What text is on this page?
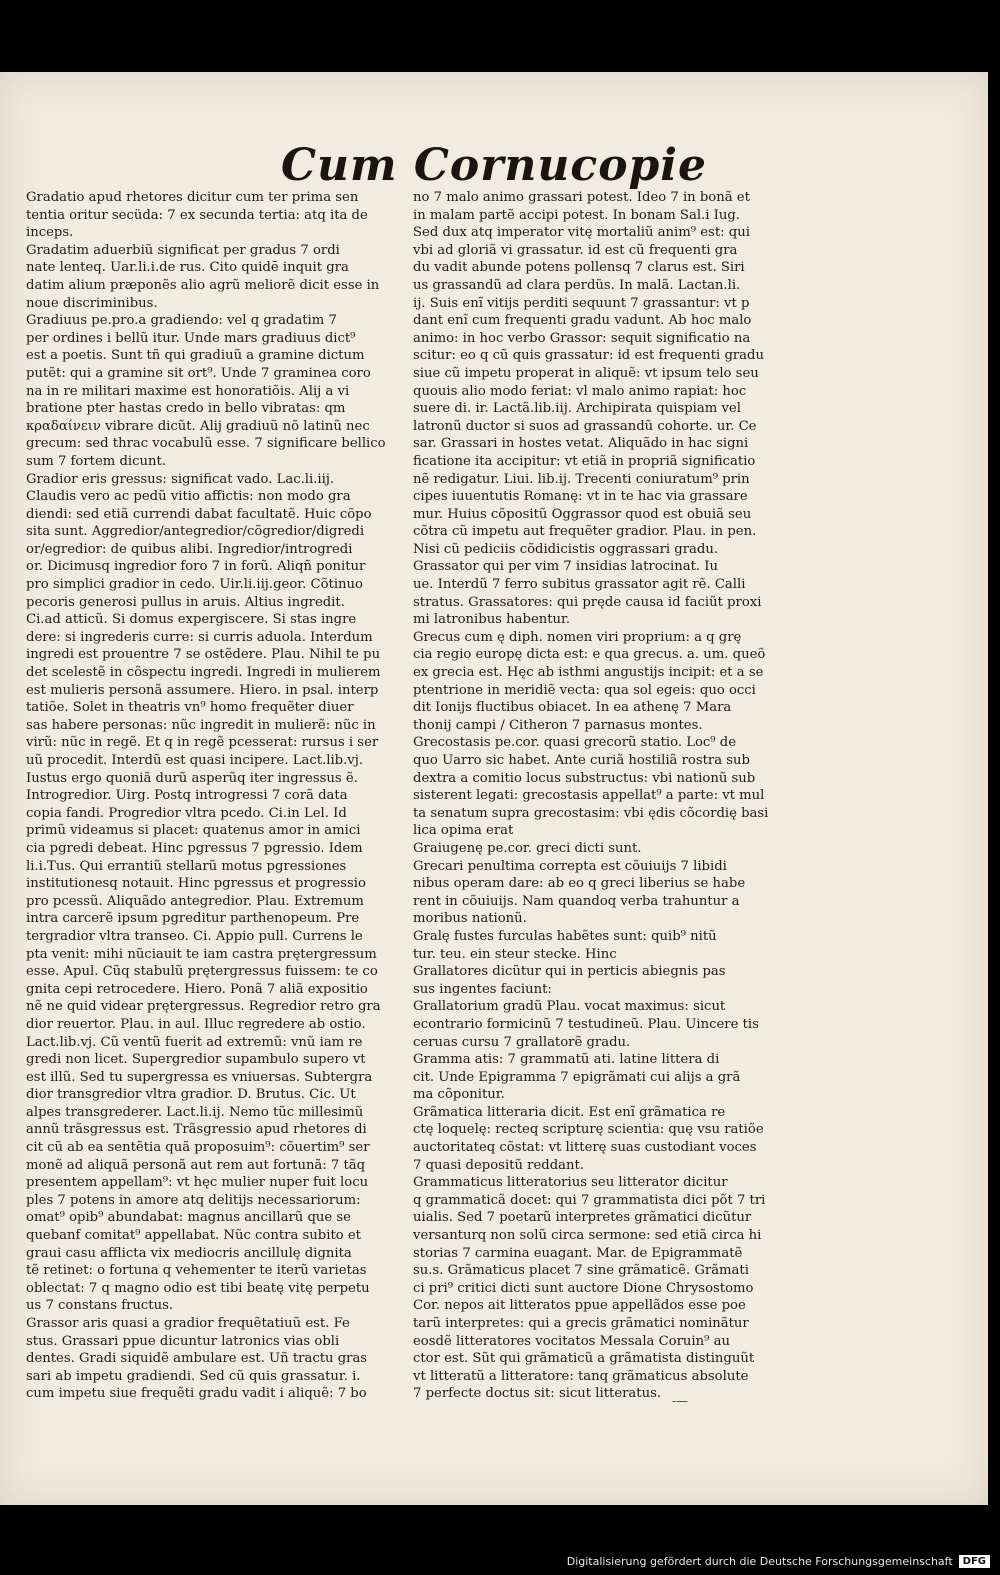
Cum Cornucopie
Gradatio apud rhetores dicitur cum ter prima sen
tentia oritur secüda: 7 ex secunda tertia: atq ita de
inceps.
Gradatim aduerbiũ significat per gradus 7 ordi
nate lenteq. Uar.li.i.de rus. Cito quidē inquit gra
datim alium præponẽs alio agrũ meliorẽ dicit esse in
noue discriminibus.
Gradiuus pe.pro.a gradiendo: vel q gradatim 7
per ordines i bellũ itur. Unde mars gradiuus dict⁹
est a poetis. Sunt tñ qui gradiuũ a gramine dictum
putẽt: qui a gramine sit ort⁹. Unde 7 graminea coro
na in re militari maxime est honoratiõis. Alij a vi
bratione pter hastas credo in bello vibratas: qm
κραδαίνειν vibrare dicũt. Alij gradiuũ nõ latinũ nec
grecum: sed thrac vocabulũ esse. 7 significare bellico
sum 7 fortem dicunt.
Gradior eris gressus: significat vado. Lac.li.iij.
Claudis vero ac pedũ vitio affictis: non modo gra
diendi: sed etiã currendi dabat facultatẽ. Huic cõpo
sita sunt. Aggredior/antegredior/cõgredior/digredi
or/egredior: de quibus alibi. Ingredior/introgredi
or. Dicimusq ingredior foro 7 in forũ. Aliqñ ponitur
pro simplici gradior in cedo. Uir.li.iij.geor. Cõtinuo
pecoris generosi pullus in aruis. Altius ingredit.
Ci.ad atticũ. Si domus expergiscere. Si stas ingre
dere: si ingrederis curre: si curris aduola. Interdum
ingredi est prouentre 7 se ostẽdere. Plau. Nihil te pu
det scelestẽ in cõspectu ingredi. Ingredi in mulierem
est mulieris personã assumere. Hiero. in psal. interp
tatiõe. Solet in theatris vn⁹ homo frequẽter diuer
sas habere personas: nũc ingredit in mulierẽ: nũc in
virũ: nũc in regẽ. Et q in regẽ pcesserat: rursus i ser
uũ procedit. Interdũ est quasi incipere. Lact.lib.vj.
Iustus ergo quoniã durũ asperũq iter ingressus ẽ.
Introgredior. Uirg. Postq introgressi 7 corã data
copia fandi. Progredior vltra pcedo. Ci.in Lel. Id
primũ videamus si placet: quatenus amor in amici
cia pgredi debeat. Hinc pgressus 7 pgressio. Idem
li.i.Tus. Qui errantiũ stellarũ motus pgressiones
institutionesq notauit. Hinc pgressus et progressio
pro pcessũ. Aliquãdo antegredior. Plau. Extremum
intra carcerẽ ipsum pgreditur parthenopeum. Pre
tergradior vltra transeo. Ci. Appio pull. Currens le
pta venit: mihi nũciauit te iam castra prętergressum
esse. Apul. Cũq stabulũ prętergressus fuissem: te co
gnita cepi retrocedere. Hiero. Ponã 7 aliã expositio
nẽ ne quid videar prętergressus. Regredior retro gra
dior reuertor. Plau. in aul. Illuc regredere ab ostio.
Lact.lib.vj. Cũ ventũ fuerit ad extremũ: vnũ iam re
gredi non licet. Supergredior supambulo supero vt
est illũ. Sed tu supergressa es vniuersas. Subtergra
dior transgredior vltra gradior. D. Brutus. Cic. Ut
alpes transgrederer. Lact.li.ij. Nemo tũc millesimũ
annũ trãsgressus est. Trãsgressio apud rhetores di
cit cũ ab ea sentẽtia quã proposuim⁹: cõuertim⁹ ser
monẽ ad aliquã personã aut rem aut fortunã: 7 tãq
presentem appellam⁹: vt hęc mulier nuper fuit locu
ples 7 potens in amore atq delitijs necessariorum:
omat⁹ opib⁹ abundabat: magnus ancillarũ que se
quebanf comitat⁹ appellabat. Nũc contra subito et
graui casu afflicta vix mediocris ancillulę dignita
tẽ retinet: o fortuna q vehementer te iterũ varietas
oblectat: 7 q magno odio est tibi beatę vitę perpetu
us 7 constans fructus.
Grassor aris quasi a gradior frequẽtatiuũ est. Fe
stus. Grassari ppue dicuntur latronics vias obli
dentes. Gradi siquidẽ ambulare est. Uñ tractu gras
sari ab impetu gradiendi. Sed cũ quis grassatur. i.
cum impetu siue frequẽti gradu vadit i aliquẽ: 7 bo
no 7 malo animo grassari potest. Ideo 7 in bonã et
in malam partẽ accipi potest. In bonam Sal.i Iug.
Sed dux atq imperator vitę mortaliũ anim⁹ est: qui
vbi ad gloriã vi grassatur. id est cũ frequenti gra
du vadit abunde potens pollensq 7 clarus est. Siri
us grassandũ ad clara perdũs. In malã. Lactan.li.
ij. Suis enĩ vitijs perditi sequunt 7 grassantur: vt p
dant enĩ cum frequenti gradu vadunt. Ab hoc malo
animo: in hoc verbo Grassor: sequit significatio na
scitur: eo q cũ quis grassatur: id est frequenti gradu
siue cũ impetu properat in aliquẽ: vt ipsum telo seu
quouis alio modo feriat: vl malo animo rapiat: hoc
suere di. ir. Lactã.lib.iij. Archipirata quispiam vel
latronũ ductor si suos ad grassandũ cohorte. ur. Ce
sar. Grassari in hostes vetat. Aliquãdo in hac signi
ficatione ita accipitur: vt etiã in propriã significatio
nẽ redigatur. Liui. lib.ij. Trecenti coniuratum⁹ prin
cipes iuuentutis Romanę: vt in te hac via grassare
mur. Huius cõpositũ Oggrassor quod est obuiã seu
cõtra cũ impetu aut frequẽter gradior. Plau. in pen.
Nisi cũ pediciis cõdidicistis oggrassari gradu.
Grassator qui per vim 7 insidias latrocinat. Iu
ue. Interdũ 7 ferro subitus grassator agit rẽ. Calli
stratus. Grassatores: qui pręde causa id faciũt proxi
mi latronibus habentur.
Grecus cum ę diph. nomen viri proprium: a q grę
cia regio europę dicta est: e qua grecus. a. um. queõ
ex grecia est. Hęc ab isthmi angustijs incipit: et a se
ptentrione in meridiẽ vecta: qua sol egeis: quo occi
dit Ionijs fluctibus obiacet. In ea athenę 7 Mara
thonij campi / Citheron 7 parnasus montes.
Grecostasis pe.cor. quasi grecorũ statio. Loc⁹ de
quo Uarro sic habet. Ante curiã hostiliã rostra sub
dextra a comitio locus substructus: vbi nationũ sub
sisterent legati: grecostasis appellat⁹ a parte: vt mul
ta senatum supra grecostasim: vbi ędis cõcordię basi
lica opima erat
Graiugenę pe.cor. greci dicti sunt.
Grecari penultima correpta est cõuiuijs 7 libidi
nibus operam dare: ab eo q greci liberius se habe
rent in cõuiuijs. Nam quandoq verba trahuntur a
moribus nationũ.
Gralę fustes furculas habẽtes sunt: quib⁹ nitũ
tur. teu. ein steur stecke. Hinc
Grallatores dicũtur qui in perticis abiegnis pas
sus ingentes faciunt:
Grallatorium gradũ Plau. vocat maximus: sicut
econtrario formicinũ 7 testudineũ. Plau. Uincere tis
ceruas cursu 7 grallatorẽ gradu.
Gramma atis: 7 grammatũ ati. latine littera di
cit. Unde Epigramma 7 epigrãmati cui alijs a grã
ma cõponitur.
Grãmatica litteraria dicit. Est enĩ grãmatica re
ctę loquelę: recteq scripturę scientia: quę vsu ratiõe
auctoritateq cõstat: vt litterę suas custodiant voces
7 quasi depositũ reddant.
Grammaticus litteratorius seu litterator dicitur
q grammaticã docet: qui 7 grammatista dici põt 7 tri
uialis. Sed 7 poetarũ interpretes grãmatici dicũtur
versanturq non solũ circa sermone: sed etiã circa hi
storias 7 carmina euagant. Mar. de Epigrammatẽ
su.s. Grãmaticus placet 7 sine grãmaticẽ. Grãmati
ci pri⁹ critici dicti sunt auctore Dione Chrysostomo
Cor. nepos ait litteratos ppue appellãdos esse poe
tarũ interpretes: qui a grecis grãmatici nominãtur
eosdẽ litteratores vocitatos Messala Coruin⁹ au
ctor est. Sũt qui grãmaticũ a grãmatista distinguũt
vt litteratũ a litteratore: tanq grãmaticus absolute
7 perfecte doctus sit: sicut litteratus. -—
Digitalisierung gefördert durch die Deutsche Forschungsgemeinschaft	DFG
